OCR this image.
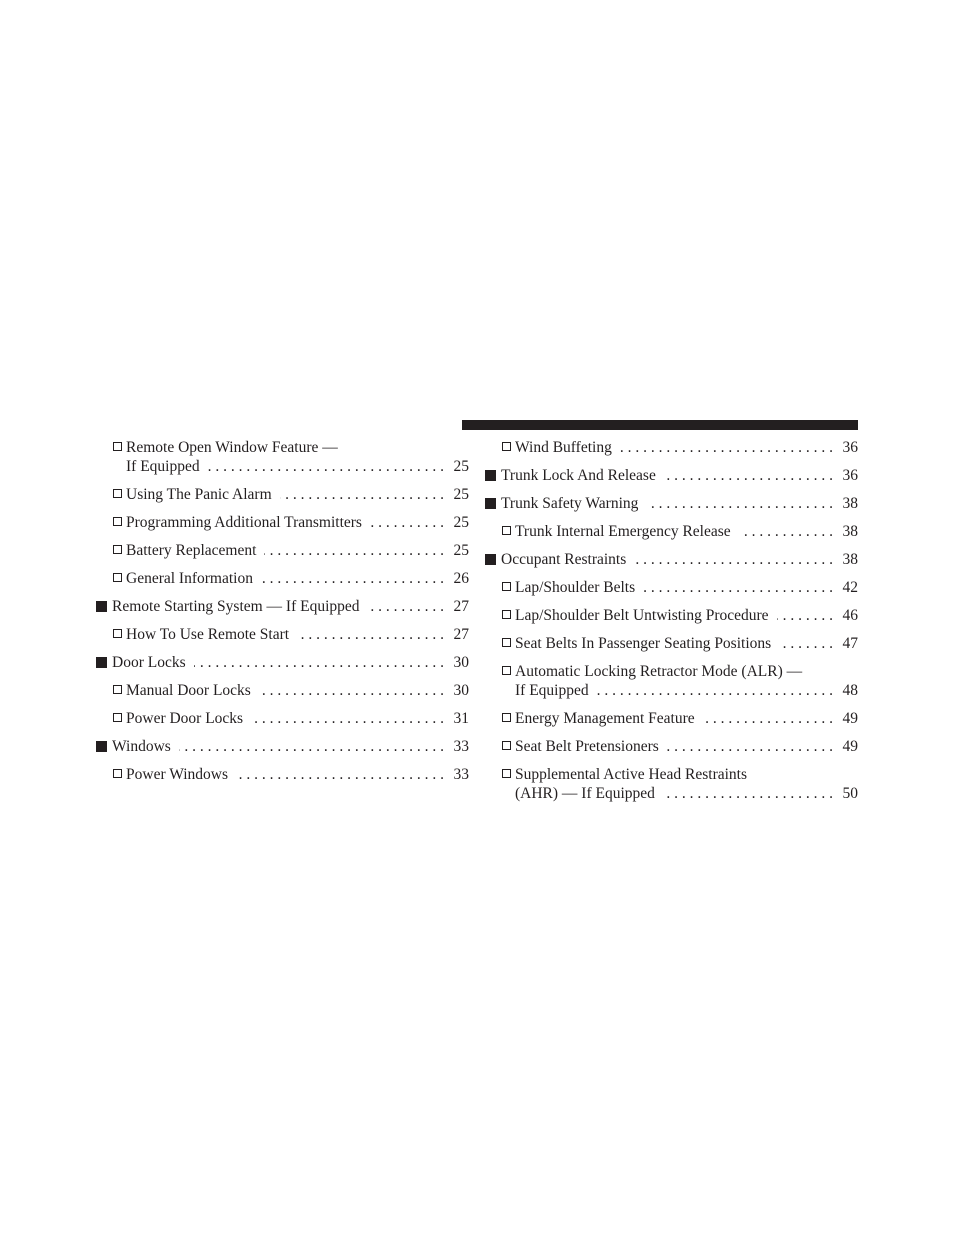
Remote Open Window Feature —
If Equipped . . .	25
Using The Panic Alarm . . .	25
Programming Additional Transmitters . . .	25
Battery Replacement . . .	25
General Information . . .	26
Remote Starting System — If Equipped . . .	27
How To Use Remote Start . . .	27
Door Locks . . .	30
Manual Door Locks . . .	30
Power Door Locks . . .	31
Windows . . .	33
Power Windows . . .	33
Wind Buffeting . . .	36
Trunk Lock And Release . . .	36
Trunk Safety Warning . . .	38
Trunk Internal Emergency Release . . .	38
Occupant Restraints . . .	38
Lap/Shoulder Belts . . .	42
Lap/Shoulder Belt Untwisting Procedure . . .	46
Seat Belts In Passenger Seating Positions . . .	47
Automatic Locking Retractor Mode (ALR) —
If Equipped . . .	48
Energy Management Feature . . .	49
Seat Belt Pretensioners . . .	49
Supplemental Active Head Restraints
(AHR) — If Equipped . . .	50
